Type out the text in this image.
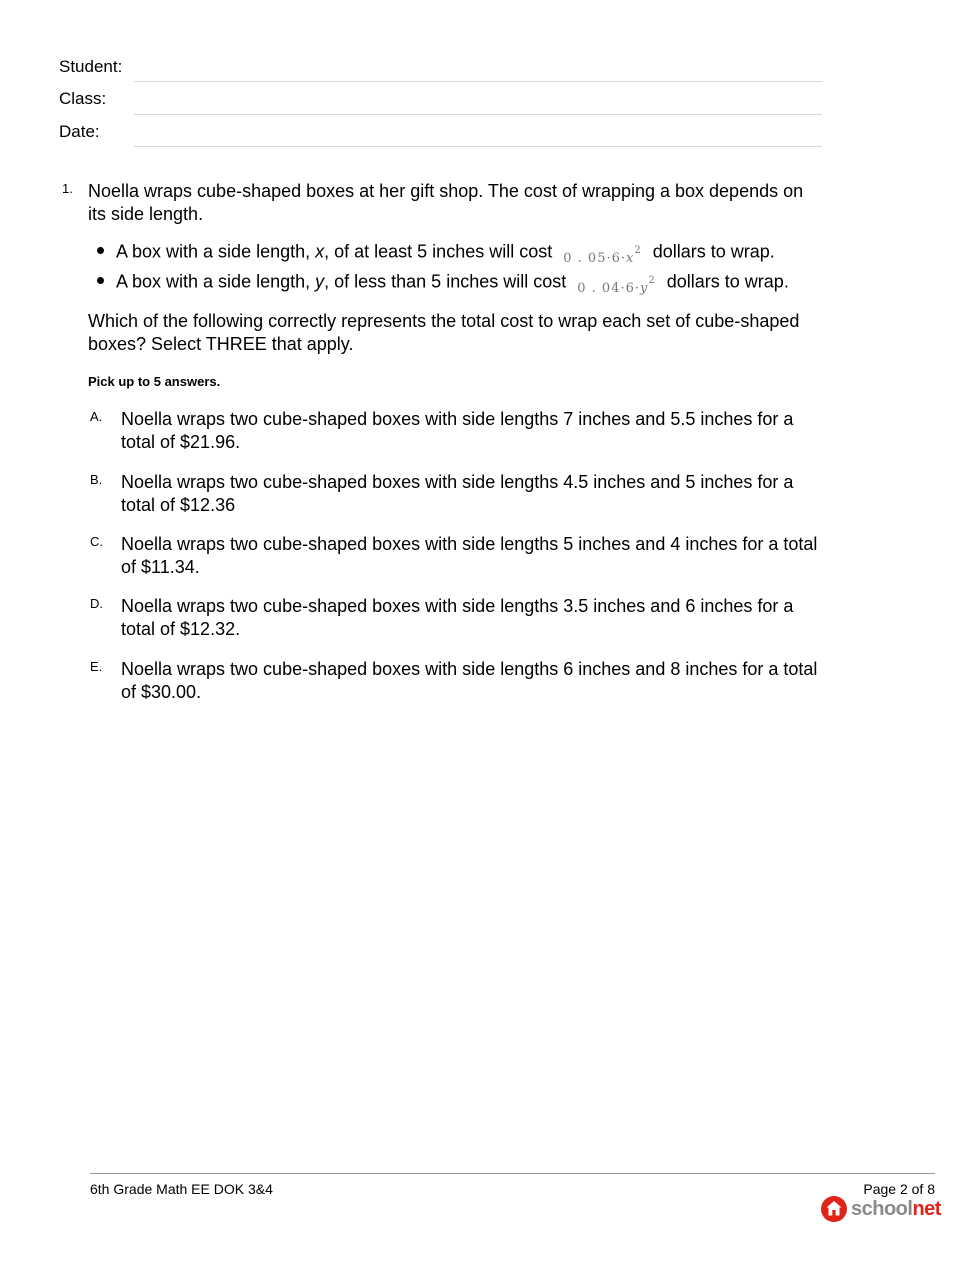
Student:
Class:
Date:
1. Noella wraps cube-shaped boxes at her gift shop. The cost of wrapping a box depends on its side length.
A box with a side length, x, of at least 5 inches will cost $_{0 . 05\cdot 6\cdot x^2}$ dollars to wrap.
A box with a side length, y, of less than 5 inches will cost $_{0 . 04\cdot 6\cdot y^2}$ dollars to wrap.
Which of the following correctly represents the total cost to wrap each set of cube-shaped boxes? Select THREE that apply.
Pick up to 5 answers.
A. Noella wraps two cube-shaped boxes with side lengths 7 inches and 5.5 inches for a total of $21.96.
B. Noella wraps two cube-shaped boxes with side lengths 4.5 inches and 5 inches for a total of $12.36
C. Noella wraps two cube-shaped boxes with side lengths 5 inches and 4 inches for a total of $11.34.
D. Noella wraps two cube-shaped boxes with side lengths 3.5 inches and 6 inches for a total of $12.32.
E. Noella wraps two cube-shaped boxes with side lengths 6 inches and 8 inches for a total of $30.00.
6th Grade Math EE DOK 3&4	Page 2 of 8
schoolnet
